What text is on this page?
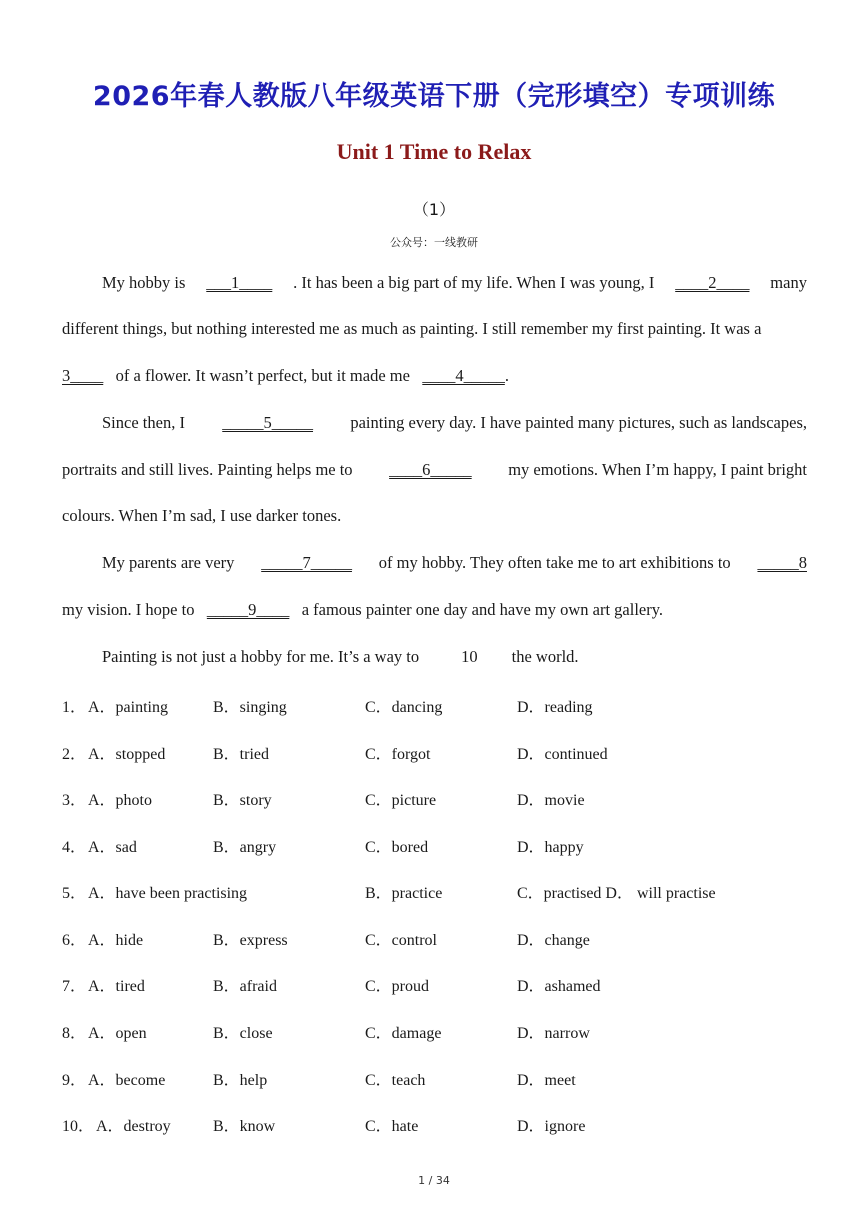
2026年春人教版八年级英语下册（完形填空）专项训练
Unit 1 Time to Relax
（1）
公众号：一线教研
My hobby is ___1____ . It has been a big part of my life. When I was young, I ____2____ many
different things, but nothing interested me as much as painting. I still remember my first painting. It was a
3____ of a flower. It wasn’t perfect, but it made me ____4_____.
Since then, I _____5_____ painting every day. I have painted many pictures, such as landscapes,
portraits and still lives. Painting helps me to ____6_____ my emotions. When I’m happy, I paint bright
colours. When I’m sad, I use darker tones.
My parents are very _____7_____ of my hobby. They often take me to art exhibitions to _____8
my vision. I hope to _____9____ a famous painter one day and have my own art gallery.
Painting is not just a hobby for me. It’s a way to	10 the world.
1． A．painting	B．singing	C．dancing	D．reading
2． A．stopped	B．tried	C．forgot	D．continued
3． A．photo	B．story	C．picture	D．movie
4． A．sad	B．angry	C．bored	D．happy
5． A．have been practising	B．practice	C．practised D． will practise
6． A．hide	B．express	C．control	D．change
7． A．tired	B．afraid	C．proud	D．ashamed
8． A．open	B．close	C．damage	D．narrow
9． A．become	B．help	C．teach	D．meet
10． A．destroy	B．know	C．hate	D．ignore
1 / 34
